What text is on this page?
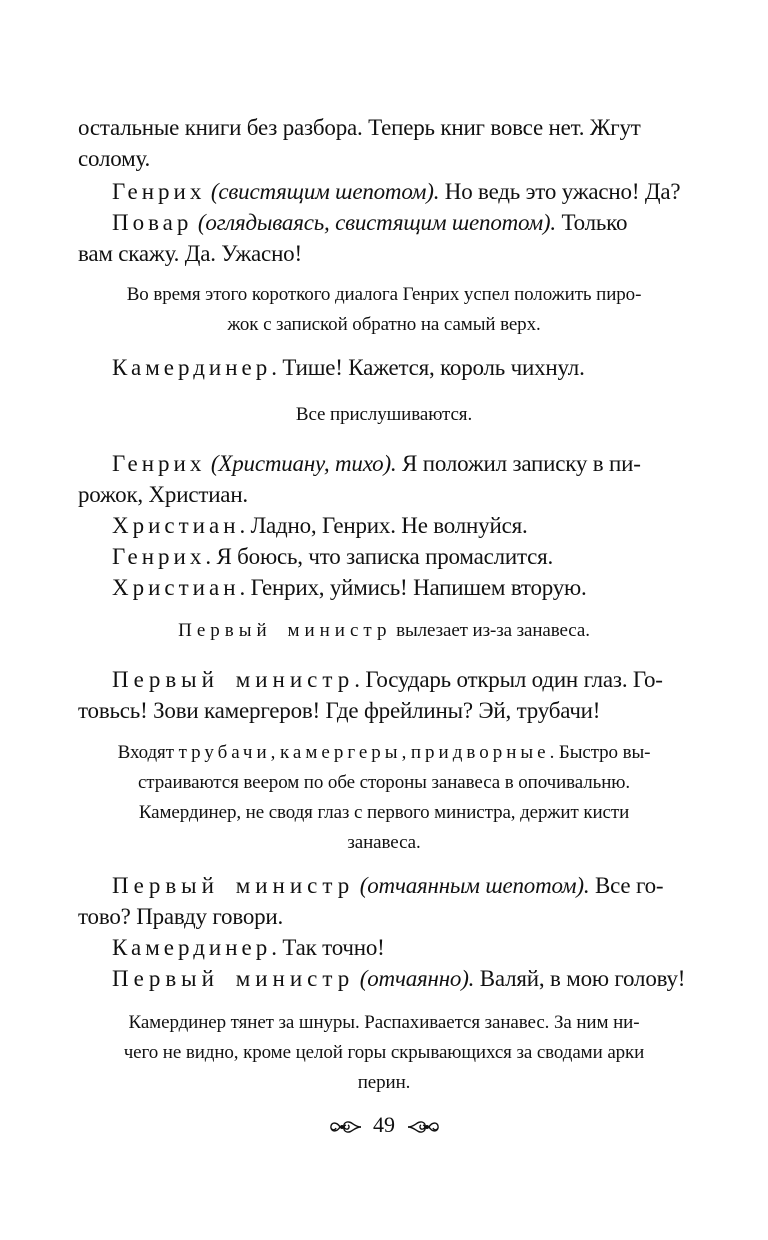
остальные книги без разбора. Теперь книг вовсе нет. Жгут

солому.

Генрих (свистящим шепотом). Но ведь это ужасно! Да?

Повар (оглядываясь, свистящим шепотом). Только

вам скажу. Да. Ужасно!

Во время этого короткого диалога Генрих успел положить пиро-

жок с запиской обратно на самый верх.

Камердинер. Тише! Кажется, король чихнул.

Все прислушиваются.

Генрих (Христиану, тихо). Я положил записку в пи-

рожок, Христиан.

Христиан. Ладно, Генрих. Не волнуйся.

Генрих. Я боюсь, что записка промаслится.

Христиан. Генрих, уймись! Напишем вторую.

Первый министр вылезает из-за занавеса.

Первый министр. Государь открыл один глаз. Го-

товьсь! Зови камергеров! Где фрейлины? Эй, трубачи!

Входят трубачи, камергеры, придворные. Быстро вы-

страиваются веером по обе стороны занавеса в опочивальню.

Камердинер, не сводя глаз с первого министра, держит кисти

занавеса.

Первый министр (отчаянным шепотом). Все го-

тово? Правду говори.

Камердинер. Так точно!

Первый министр (отчаянно). Валяй, в мою голову!

Камердинер тянет за шнуры. Распахивается занавес. За ним ни-

чего не видно, кроме целой горы скрывающихся за сводами арки

перин.

49
